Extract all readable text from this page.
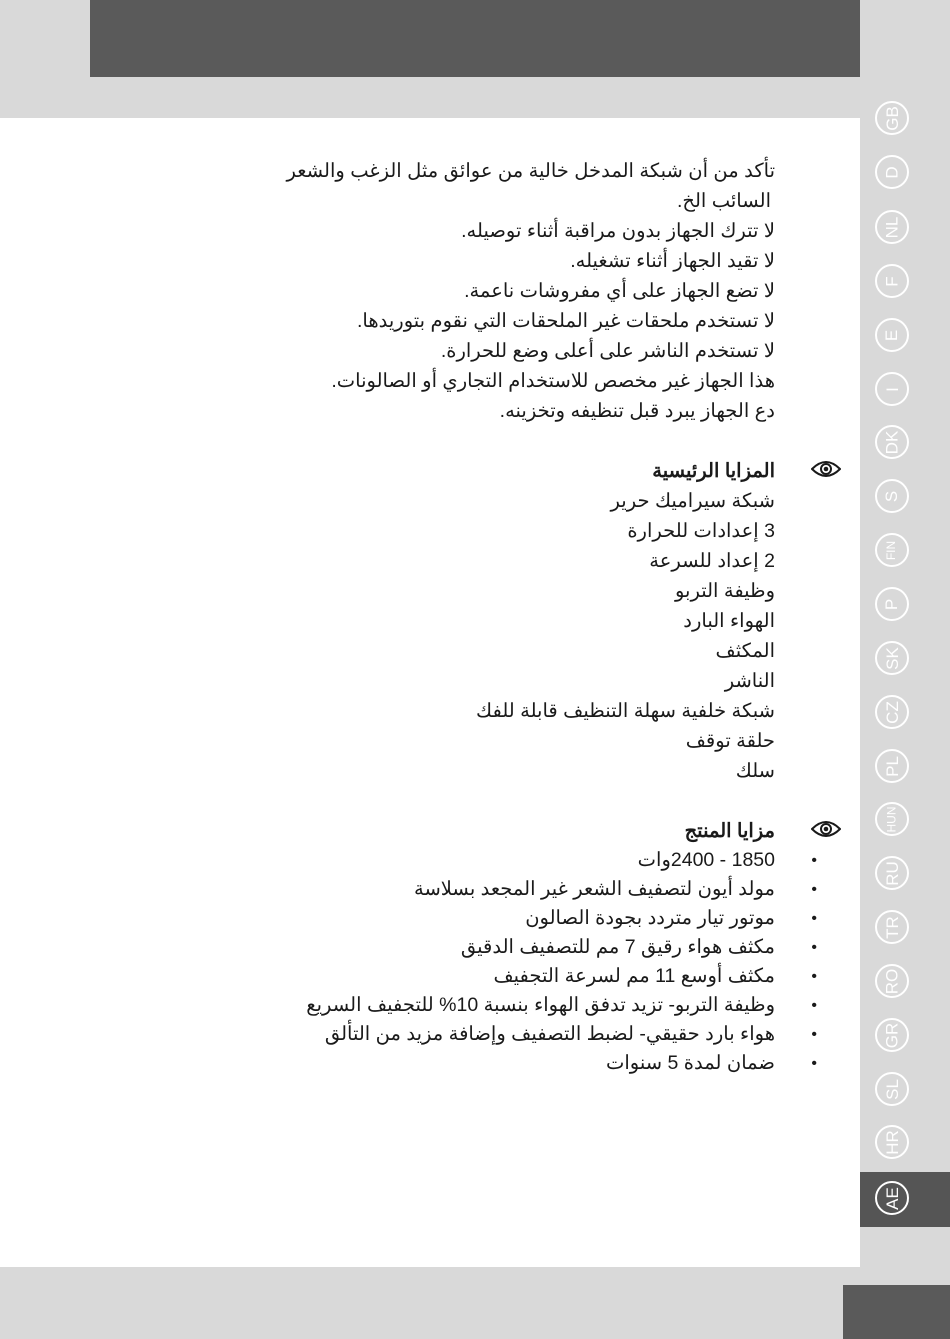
تأكد من أن شبكة المدخل خالية من عوائق مثل الزغب والشعر

السائب الخ.

لا تترك الجهاز بدون مراقبة أثناء توصيله.

لا تقيد الجهاز أثناء تشغيله.

لا تضع الجهاز على أي مفروشات ناعمة.

لا تستخدم ملحقات غير الملحقات التي نقوم بتوريدها.

لا تستخدم الناشر على أعلى وضع للحرارة.

هذا الجهاز غير مخصص للاستخدام التجاري أو الصالونات.

دع الجهاز يبرد قبل تنظيفه وتخزينه.

المزايا الرئيسية

شبكة سيراميك حرير

3 إعدادات للحرارة

2 إعداد للسرعة

وظيفة التربو

الهواء البارد

المكثف

الناشر

شبكة خلفية سهلة التنظيف قابلة للفك

حلقة توقف

سلك

مزايا المنتج

• 1850 - 2400وات
• مولد أيون لتصفيف الشعر غير المجعد بسلاسة
• موتور تيار متردد بجودة الصالون
• مكثف هواء رقيق 7 مم للتصفيف الدقيق
• مكثف أوسع 11 مم لسرعة التجفيف
• وظيفة التربو- تزيد تدفق الهواء بنسبة 10% للتجفيف السريع
• هواء بارد حقيقي- لضبط التصفيف وإضافة مزيد من التألق
• ضمان لمدة 5 سنوات
GB
D
NL
F
E
I
DK
S
FIN
P
SK
CZ
PL
HUN
RU
TR
RO
GR
SL
HR
AE
